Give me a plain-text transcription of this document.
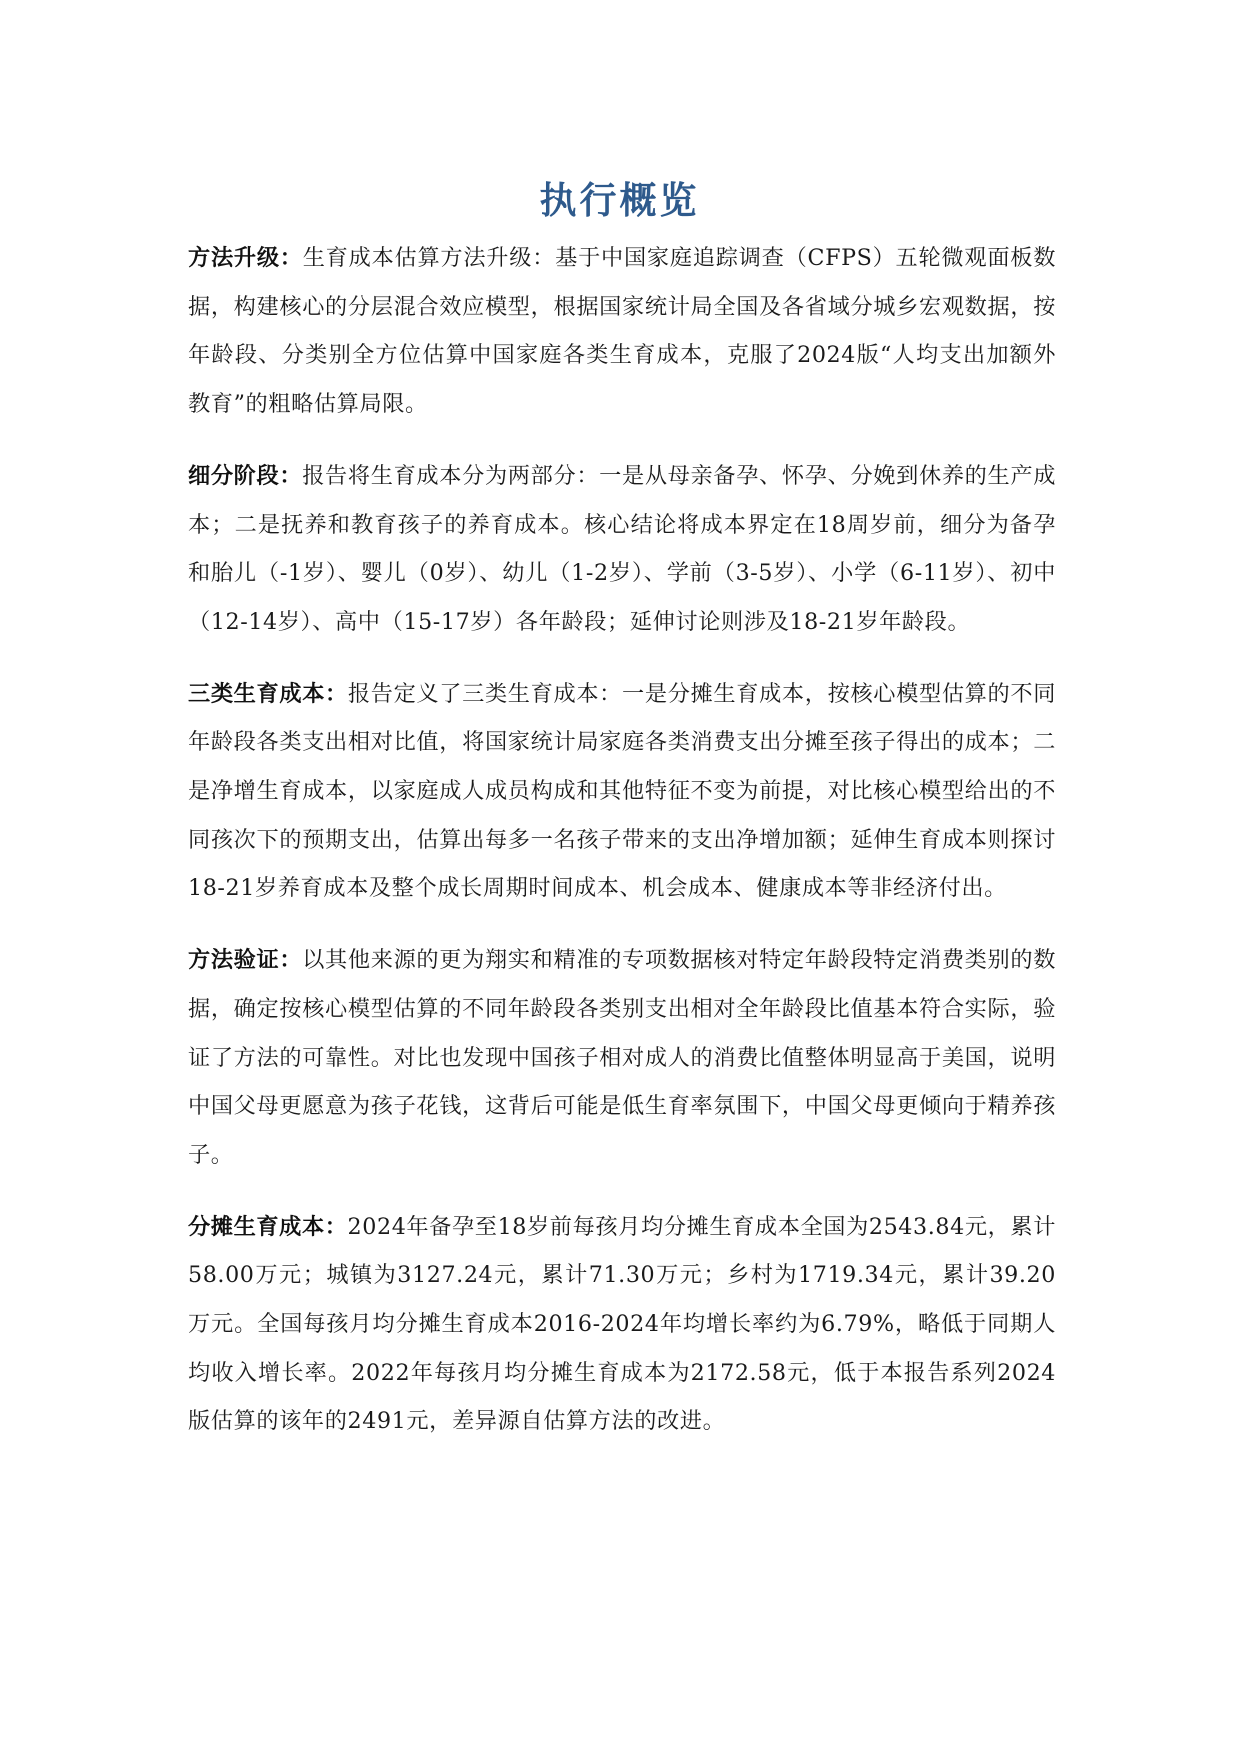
执行概览

方法升级：生育成本估算方法升级：基于中国家庭追踪调查（CFPS）五轮微观面板数据，构建核心的分层混合效应模型，根据国家统计局全国及各省域分城乡宏观数据，按年龄段、分类别全方位估算中国家庭各类生育成本，克服了2024版“人均支出加额外教育”的粗略估算局限。

细分阶段：报告将生育成本分为两部分：一是从母亲备孕、怀孕、分娩到休养的生产成本；二是抚养和教育孩子的养育成本。核心结论将成本界定在18周岁前，细分为备孕和胎儿（-1岁）、婴儿（0岁）、幼儿（1-2岁）、学前（3-5岁）、小学（6-11岁）、初中（12-14岁）、高中（15-17岁）各年龄段；延伸讨论则涉及18-21岁年龄段。

三类生育成本：报告定义了三类生育成本：一是分摊生育成本，按核心模型估算的不同年龄段各类支出相对比值，将国家统计局家庭各类消费支出分摊至孩子得出的成本；二是净增生育成本，以家庭成人成员构成和其他特征不变为前提，对比核心模型给出的不同孩次下的预期支出，估算出每多一名孩子带来的支出净增加额；延伸生育成本则探讨18-21岁养育成本及整个成长周期时间成本、机会成本、健康成本等非经济付出。

方法验证：以其他来源的更为翔实和精准的专项数据核对特定年龄段特定消费类别的数据，确定按核心模型估算的不同年龄段各类别支出相对全年龄段比值基本符合实际，验证了方法的可靠性。对比也发现中国孩子相对成人的消费比值整体明显高于美国，说明中国父母更愿意为孩子花钱，这背后可能是低生育率氛围下，中国父母更倾向于精养孩子。

分摊生育成本：2024年备孕至18岁前每孩月均分摊生育成本全国为2543.84元，累计58.00万元；城镇为3127.24元，累计71.30万元；乡村为1719.34元，累计39.20万元。全国每孩月均分摊生育成本2016-2024年均增长率约为6.79%，略低于同期人均收入增长率。2022年每孩月均分摊生育成本为2172.58元，低于本报告系列2024版估算的该年的2491元，差异源自估算方法的改进。
